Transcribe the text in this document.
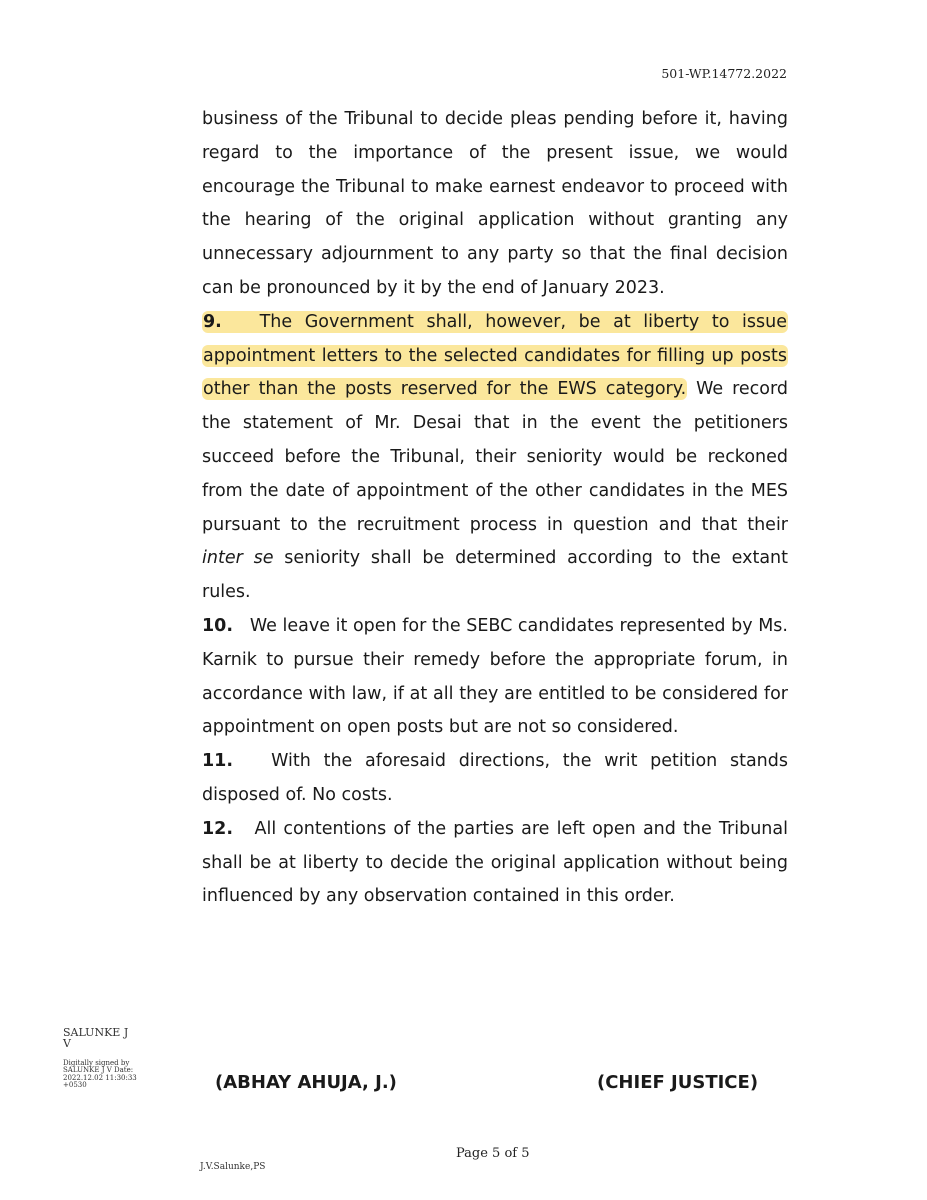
501-WP.14772.2022

business of the Tribunal to decide pleas pending before it, having regard to the importance of the present issue, we would encourage the Tribunal to make earnest endeavor to proceed with the hearing of the original application without granting any unnecessary adjournment to any party so that the final decision can be pronounced by it by the end of January 2023.

9. The Government shall, however, be at liberty to issue appointment letters to the selected candidates for filling up posts other than the posts reserved for the EWS category. We record the statement of Mr. Desai that in the event the petitioners succeed before the Tribunal, their seniority would be reckoned from the date of appointment of the other candidates in the MES pursuant to the recruitment process in question and that their inter se seniority shall be determined according to the extant rules.

10. We leave it open for the SEBC candidates represented by Ms. Karnik to pursue their remedy before the appropriate forum, in accordance with law, if at all they are entitled to be considered for appointment on open posts but are not so considered.

11. With the aforesaid directions, the writ petition stands disposed of. No costs.

12. All contentions of the parties are left open and the Tribunal shall be at liberty to decide the original application without being influenced by any observation contained in this order.

SALUNKE J V
Digitally signed by SALUNKE J V Date: 2022.12.02 11:30:33 +0530	(ABHAY AHUJA, J.)	(CHIEF JUSTICE)
Page 5 of 5
J.V.Salunke,PS
